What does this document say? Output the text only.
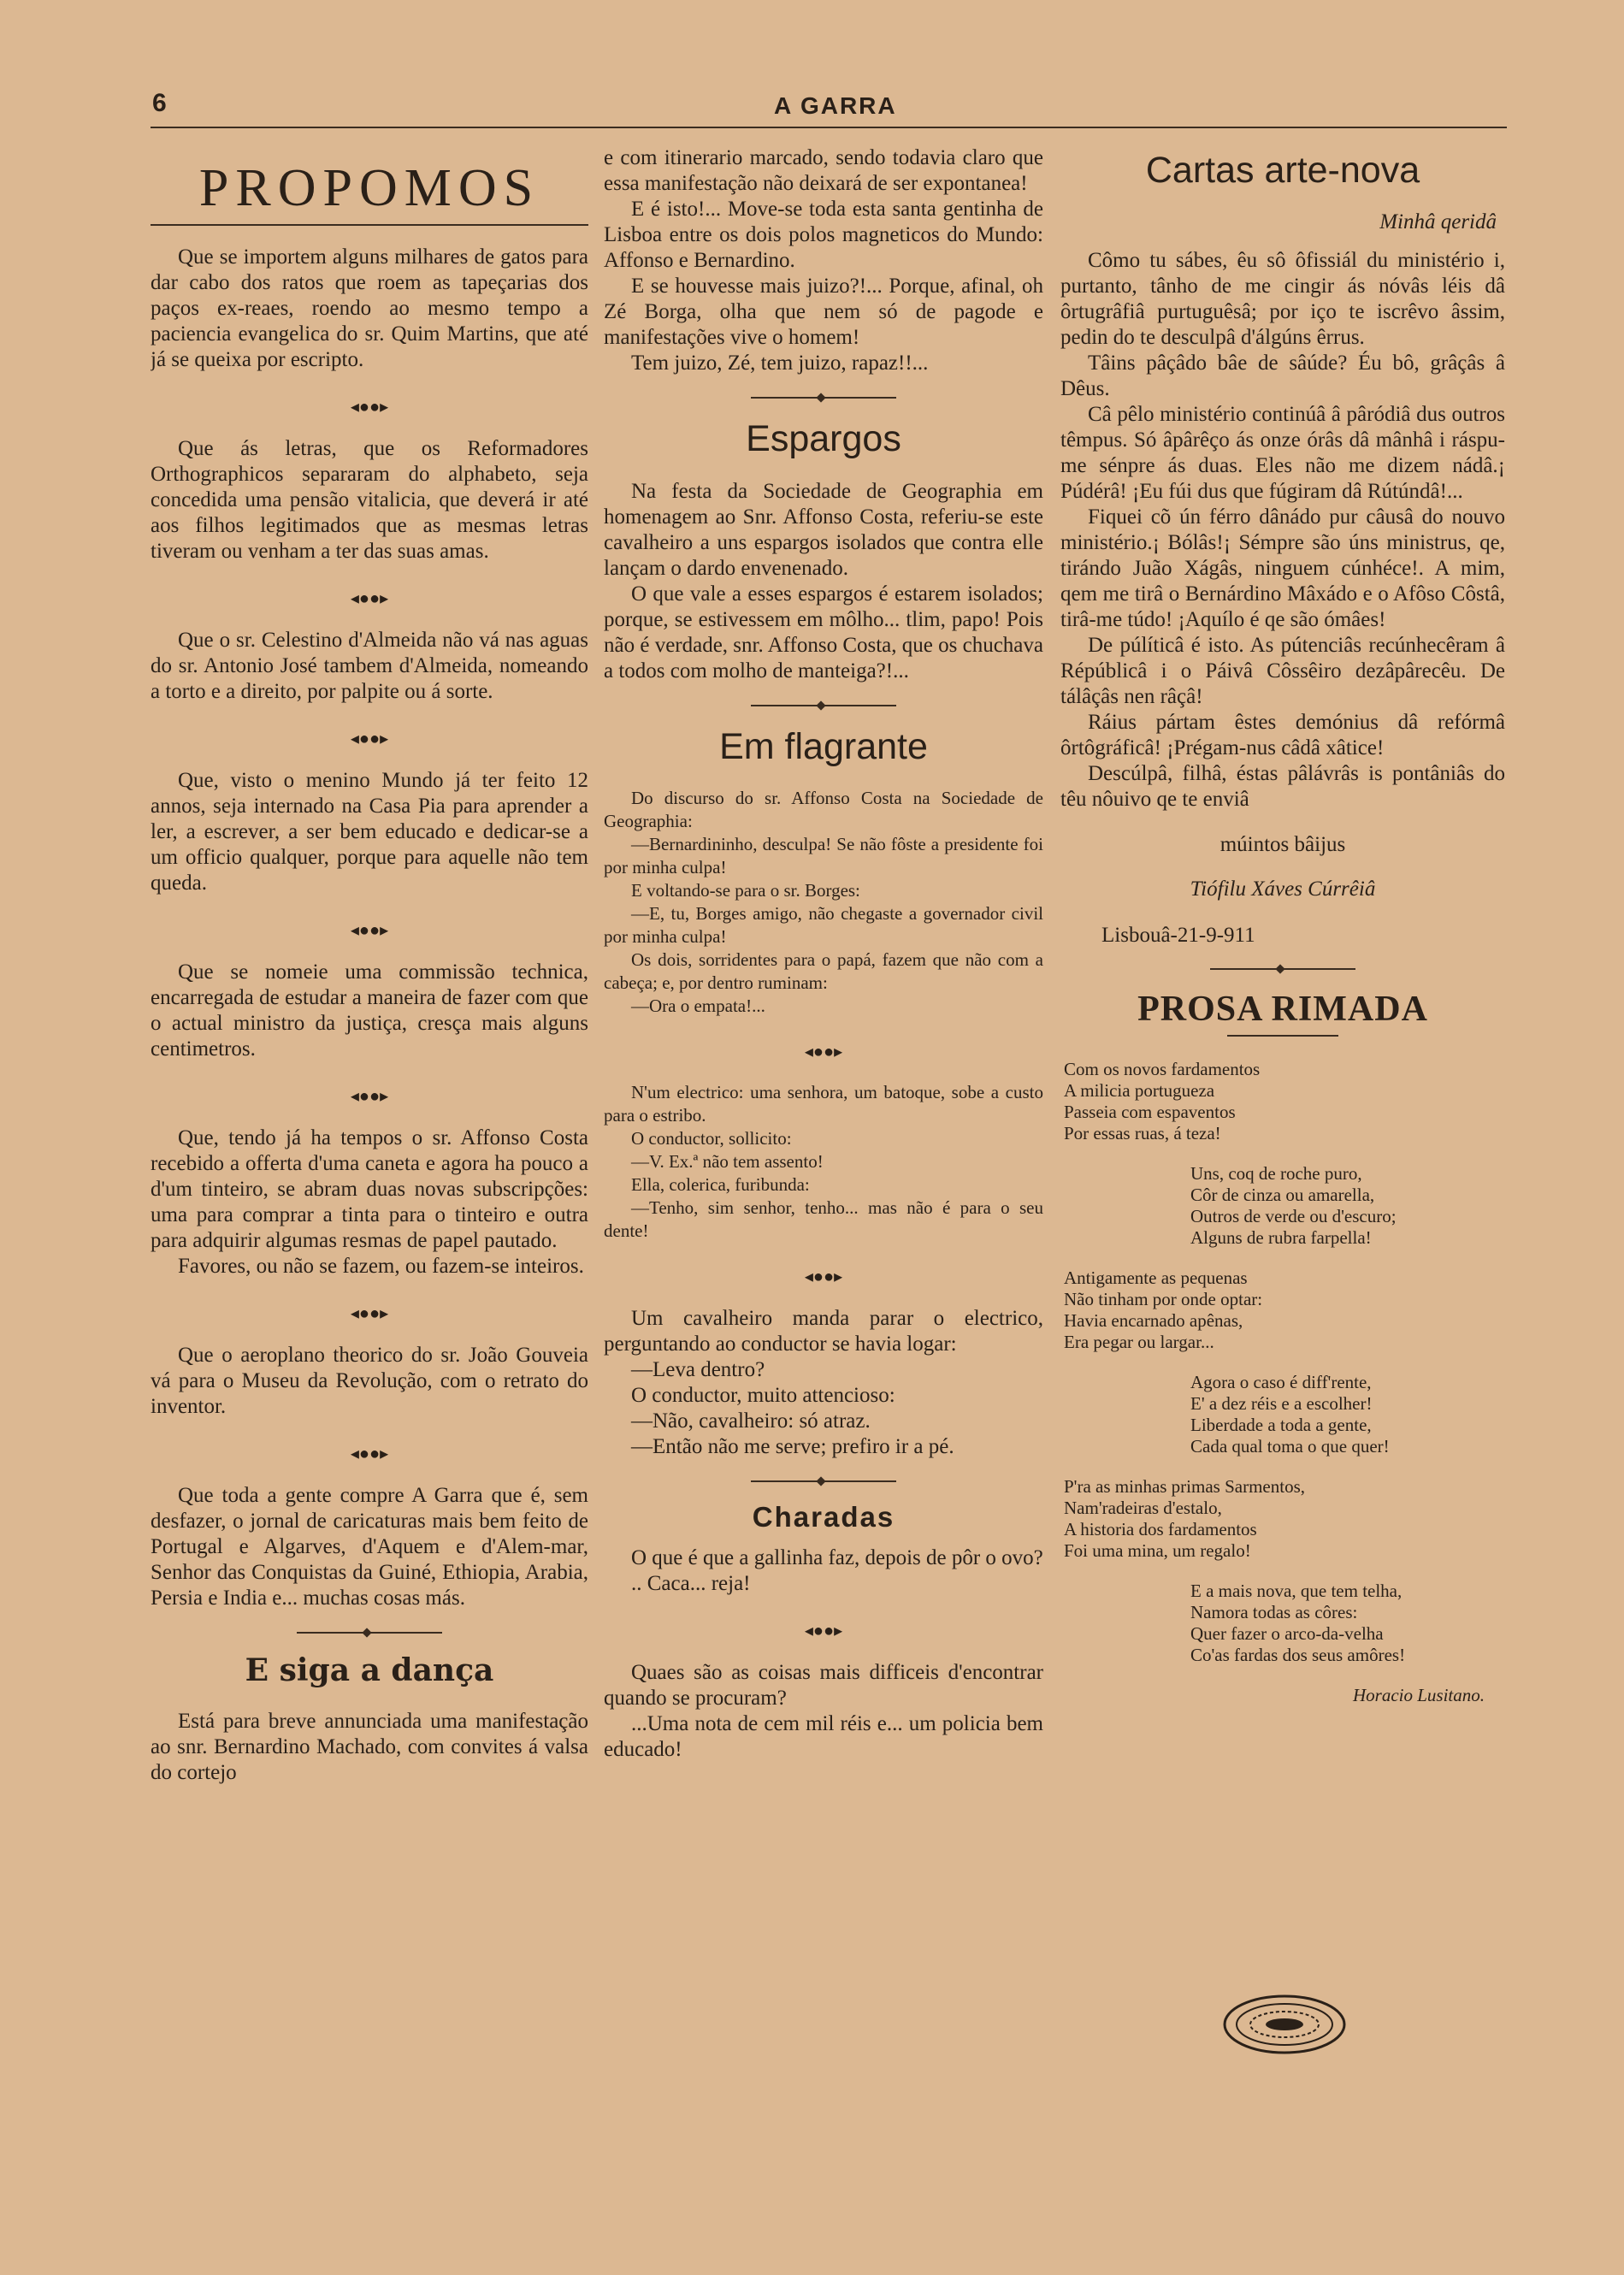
6	A GARRA
PROPOMOS

Que se importem alguns milhares de gatos para dar cabo dos ratos que roem as tapeçarias dos paços ex-reaes, roendo ao mesmo tempo a paciencia evangelica do sr. Quim Martins, que até já se queixa por escripto.

◂●●▸

Que ás letras, que os Reformadores Orthographicos separaram do alphabeto, seja concedida uma pensão vitalicia, que deverá ir até aos filhos legitimados que as mesmas letras tiveram ou venham a ter das suas amas.

◂●●▸

Que o sr. Celestino d'Almeida não vá nas aguas do sr. Antonio José tambem d'Almeida, nomeando a torto e a direito, por palpite ou á sorte.

◂●●▸

Que, visto o menino Mundo já ter feito 12 annos, seja internado na Casa Pia para aprender a ler, a escrever, a ser bem educado e dedicar-se a um officio qualquer, porque para aquelle não tem queda.

◂●●▸

Que se nomeie uma commissão technica, encarregada de estudar a maneira de fazer com que o actual ministro da justiça, cresça mais alguns centimetros.

◂●●▸

Que, tendo já ha tempos o sr. Affonso Costa recebido a offerta d'uma caneta e agora ha pouco a d'um tinteiro, se abram duas novas subscripções: uma para comprar a tinta para o tinteiro e outra para adquirir algumas resmas de papel pautado.

Favores, ou não se fazem, ou fazem-se inteiros.

◂●●▸

Que o aeroplano theorico do sr. João Gouveia vá para o Museu da Revolução, com o retrato do inventor.

◂●●▸

Que toda a gente compre A Garra que é, sem desfazer, o jornal de caricaturas mais bem feito de Portugal e Algarves, d'Aquem e d'Alem-mar, Senhor das Conquistas da Guiné, Ethiopia, Arabia, Persia e India e... muchas cosas más.

E siga a dança

Está para breve annunciada uma manifestação ao snr. Bernardino Machado, com convites á valsa do cortejo

e com itinerario marcado, sendo todavia claro que essa manifestação não deixará de ser expontanea!

E é isto!... Move-se toda esta santa gentinha de Lisboa entre os dois polos magneticos do Mundo: Affonso e Bernardino.

E se houvesse mais juizo?!... Porque, afinal, oh Zé Borga, olha que nem só de pagode e manifestações vive o homem!

Tem juizo, Zé, tem juizo, rapaz!!...

Espargos

Na festa da Sociedade de Geographia em homenagem ao Snr. Affonso Costa, referiu-se este cavalheiro a uns espargos isolados que contra elle lançam o dardo envenenado.

O que vale a esses espargos é estarem isolados; porque, se estivessem em môlho... tlim, papo! Pois não é verdade, snr. Affonso Costa, que os chuchava a todos com molho de manteiga?!...

Em flagrante

Do discurso do sr. Affonso Costa na Sociedade de Geographia:

—Bernardininho, desculpa! Se não fôste a presidente foi por minha culpa!

E voltando-se para o sr. Borges:

—E, tu, Borges amigo, não chegaste a governador civil por minha culpa!

Os dois, sorridentes para o papá, fazem que não com a cabeça; e, por dentro ruminam:

—Ora o empata!...

◂●●▸

N'um electrico: uma senhora, um batoque, sobe a custo para o estribo.

O conductor, sollicito:

—V. Ex.ª não tem assento!

Ella, colerica, furibunda:

—Tenho, sim senhor, tenho... mas não é para o seu dente!

◂●●▸

Um cavalheiro manda parar o electrico, perguntando ao conductor se havia logar:

—Leva dentro?

O conductor, muito attencioso:

—Não, cavalheiro: só atraz.

—Então não me serve; prefiro ir a pé.

Charadas

O que é que a gallinha faz, depois de pôr o ovo?

.. Caca... reja!

◂●●▸

Quaes são as coisas mais difficeis d'encontrar quando se procuram?

...Uma nota de cem mil réis e... um policia bem educado!

Cartas arte-nova
Minhâ qeridâ

Cômo tu sábes, êu sô ôfissiál du ministério i, purtanto, tânho de me cingir ás nóvâs léis dâ ôrtugrâfiâ purtuguêsâ; por iço te iscrêvo âssim, pedin do te desculpâ d'álgúns êrrus.

Tâins pâçâdo bâe de sâúde? Éu bô, grâçâs â Dêus.

Câ pêlo ministério continúâ â pâródiâ dus outros têmpus. Só âpârêço ás onze órâs dâ mânhâ i ráspu-me sénpre ás duas. Eles não me dizem nádâ.¡ Púdérâ! ¡Eu fúi dus que fúgiram dâ Rútúndâ!...

Fiquei cõ ún férro dânádo pur câusâ do nouvo ministério.¡ Bólâs!¡ Sémpre são úns ministrus, qe, tirándo Juão Xágâs, ninguem cúnhéce!. A mim, qem me tirâ o Bernárdino Mâxádo e o Afôso Côstâ, tirâ-me túdo! ¡Aquílo é qe são ómâes!

De púlíticâ é isto. As pútenciâs recúnhecêram â Répúblicâ i o Páivâ Côssêiro dezâpârecêu. De tálâçâs nen râçâ!

Ráius pártam êstes demónius dâ refórmâ ôrtôgráficâ! ¡Prégam-nus câdâ xâtice!

Descúlpâ, filhâ, éstas pâlávrâs is pontâniâs do têu nôuivo qe te enviâ

múintos bâijus
Tiófilu Xáves Cúrrêiâ
Lisbouâ-21-9-911
PROSA RIMADA
Com os novos fardamentos
A milicia portugueza
Passeia com espaventos
Por essas ruas, á teza!
Uns, coq de roche puro,
Côr de cinza ou amarella,
Outros de verde ou d'escuro;
Alguns de rubra farpella!
Antigamente as pequenas
Não tinham por onde optar:
Havia encarnado apênas,
Era pegar ou largar...
Agora o caso é diff'rente,
E' a dez réis e a escolher!
Liberdade a toda a gente,
Cada qual toma o que quer!
P'ra as minhas primas Sarmentos,
Nam'radeiras d'estalo,
A historia dos fardamentos
Foi uma mina, um regalo!
E a mais nova, que tem telha,
Namora todas as côres:
Quer fazer o arco-da-velha
Co'as fardas dos seus amôres!
Horacio Lusitano.
